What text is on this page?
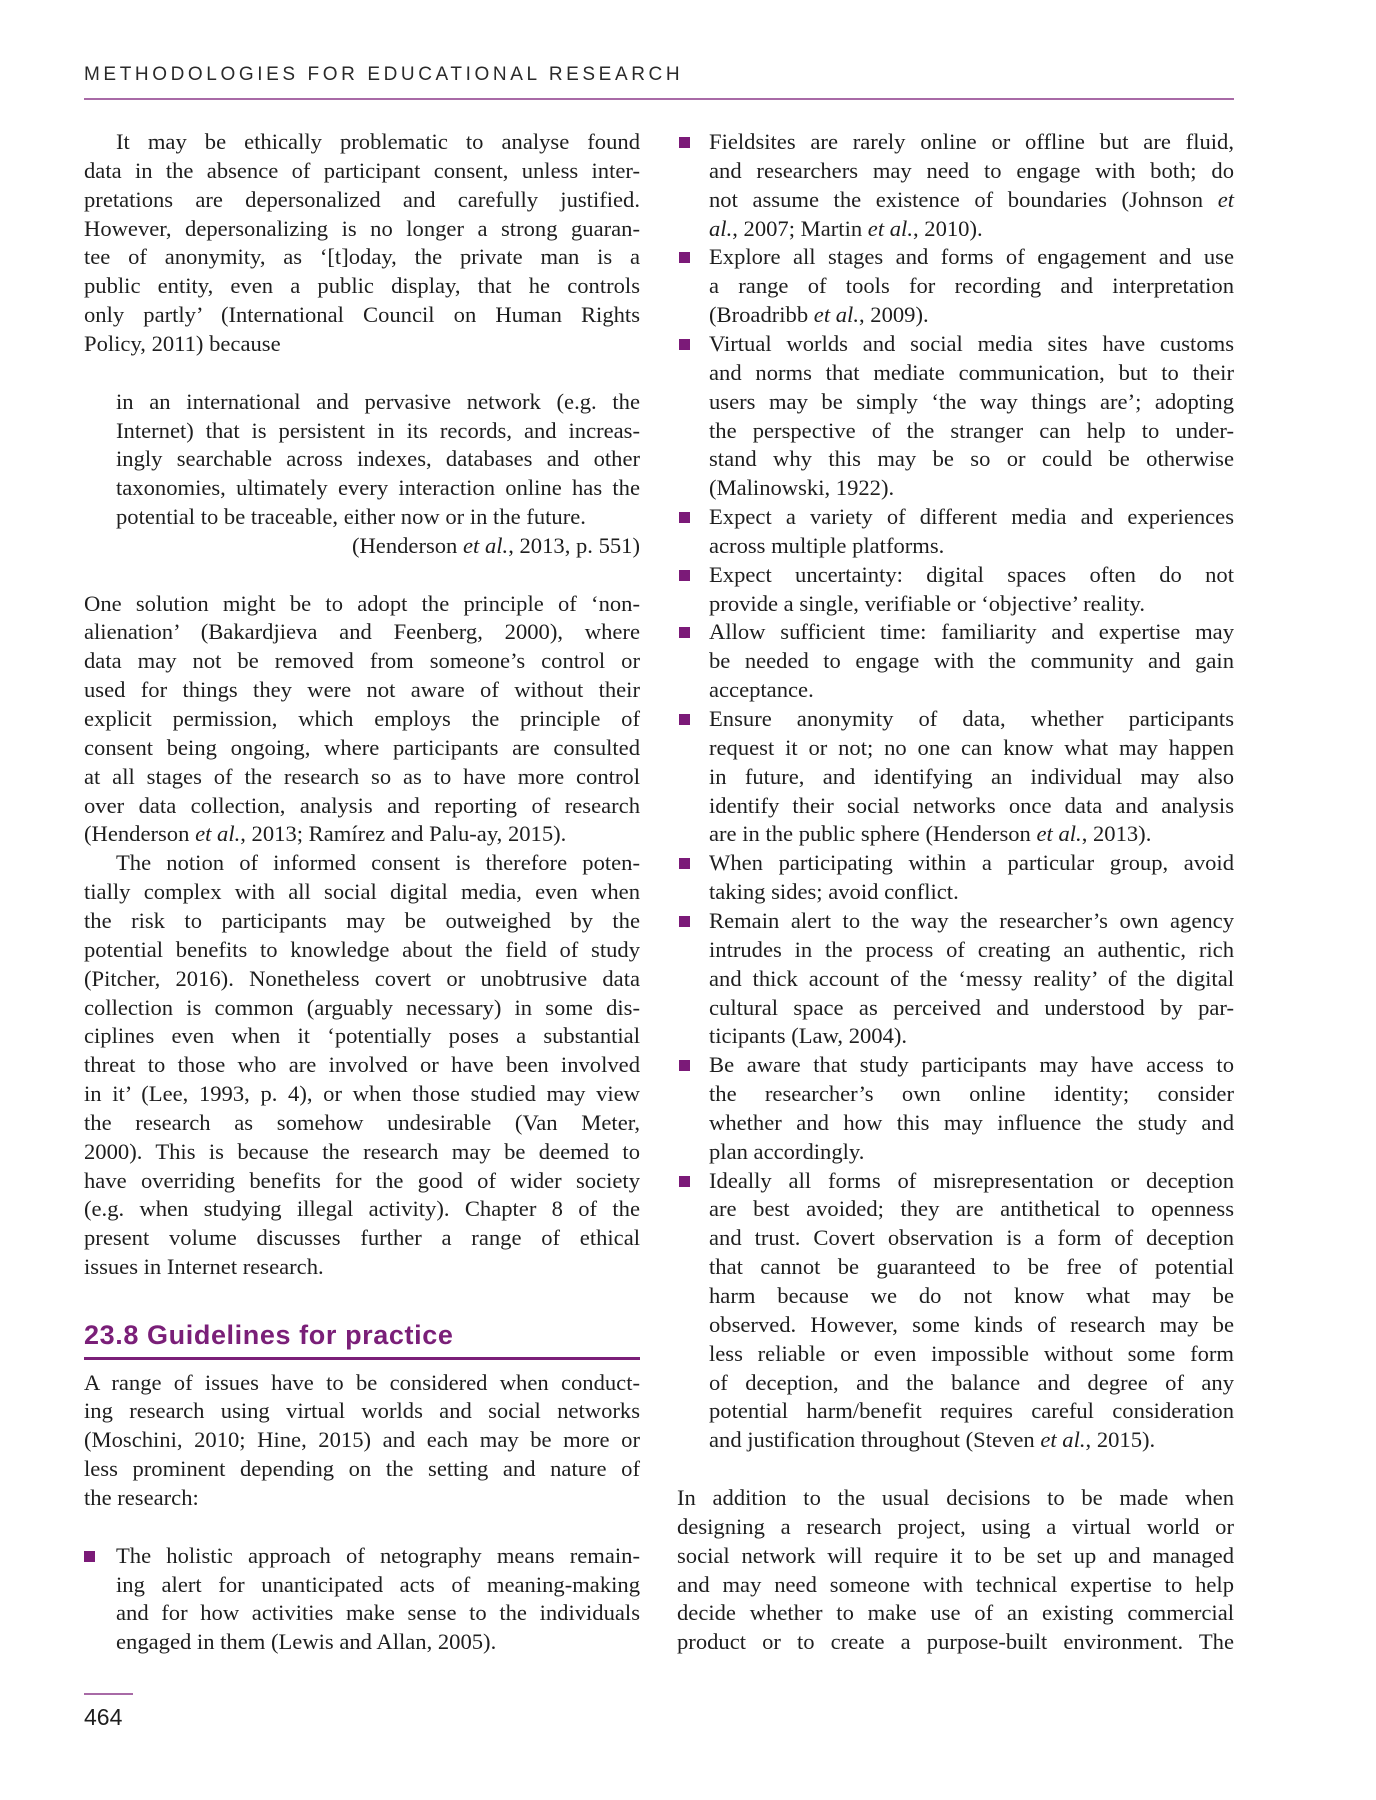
METHODOLOGIES FOR EDUCATIONAL RESEARCH
23.8 Guidelines for practice
464
It may be ethically problematic to analyse found
data in the absence of participant consent, unless inter-
pretations are depersonalized and carefully justified.
However, depersonalizing is no longer a strong guaran-
tee of anonymity, as ‘[t]oday, the private man is a
public entity, even a public display, that he controls
only partly’ (International Council on Human Rights
Policy, 2011) because
in an international and pervasive network (e.g. the
Internet) that is persistent in its records, and increas-
ingly searchable across indexes, databases and other
taxonomies, ultimately every interaction online has the
potential to be traceable, either now or in the future.
(Henderson et al., 2013, p. 551)
One solution might be to adopt the principle of ‘non-
alienation’ (Bakardjieva and Feenberg, 2000), where
data may not be removed from someone’s control or
used for things they were not aware of without their
explicit permission, which employs the principle of
consent being ongoing, where participants are consulted
at all stages of the research so as to have more control
over data collection, analysis and reporting of research
(Henderson et al., 2013; Ramírez and Palu-ay, 2015).
The notion of informed consent is therefore poten-
tially complex with all social digital media, even when
the risk to participants may be outweighed by the
potential benefits to knowledge about the field of study
(Pitcher, 2016). Nonetheless covert or unobtrusive data
collection is common (arguably necessary) in some dis-
ciplines even when it ‘potentially poses a substantial
threat to those who are involved or have been involved
in it’ (Lee, 1993, p. 4), or when those studied may view
the research as somehow undesirable (Van Meter,
2000). This is because the research may be deemed to
have overriding benefits for the good of wider society
(e.g. when studying illegal activity). Chapter 8 of the
present volume discusses further a range of ethical
issues in Internet research.
A range of issues have to be considered when conduct-
ing research using virtual worlds and social networks
(Moschini, 2010; Hine, 2015) and each may be more or
less prominent depending on the setting and nature of
the research:
The holistic approach of netography means remain-
ing alert for unanticipated acts of meaning-making
and for how activities make sense to the individuals
engaged in them (Lewis and Allan, 2005).
Fieldsites are rarely online or offline but are fluid,
and researchers may need to engage with both; do
not assume the existence of boundaries (Johnson et
al., 2007; Martin et al., 2010).
Explore all stages and forms of engagement and use
a range of tools for recording and interpretation
(Broadribb et al., 2009).
Virtual worlds and social media sites have customs
and norms that mediate communication, but to their
users may be simply ‘the way things are’; adopting
the perspective of the stranger can help to under-
stand why this may be so or could be otherwise
(Malinowski, 1922).
Expect a variety of different media and experiences
across multiple platforms.
Expect uncertainty: digital spaces often do not
provide a single, verifiable or ‘objective’ reality.
Allow sufficient time: familiarity and expertise may
be needed to engage with the community and gain
acceptance.
Ensure anonymity of data, whether participants
request it or not; no one can know what may happen
in future, and identifying an individual may also
identify their social networks once data and analysis
are in the public sphere (Henderson et al., 2013).
When participating within a particular group, avoid
taking sides; avoid conflict.
Remain alert to the way the researcher’s own agency
intrudes in the process of creating an authentic, rich
and thick account of the ‘messy reality’ of the digital
cultural space as perceived and understood by par-
ticipants (Law, 2004).
Be aware that study participants may have access to
the researcher’s own online identity; consider
whether and how this may influence the study and
plan accordingly.
Ideally all forms of misrepresentation or deception
are best avoided; they are antithetical to openness
and trust. Covert observation is a form of deception
that cannot be guaranteed to be free of potential
harm because we do not know what may be
observed. However, some kinds of research may be
less reliable or even impossible without some form
of deception, and the balance and degree of any
potential harm/benefit requires careful consideration
and justification throughout (Steven et al., 2015).
In addition to the usual decisions to be made when
designing a research project, using a virtual world or
social network will require it to be set up and managed
and may need someone with technical expertise to help
decide whether to make use of an existing commercial
product or to create a purpose-built environment. The
